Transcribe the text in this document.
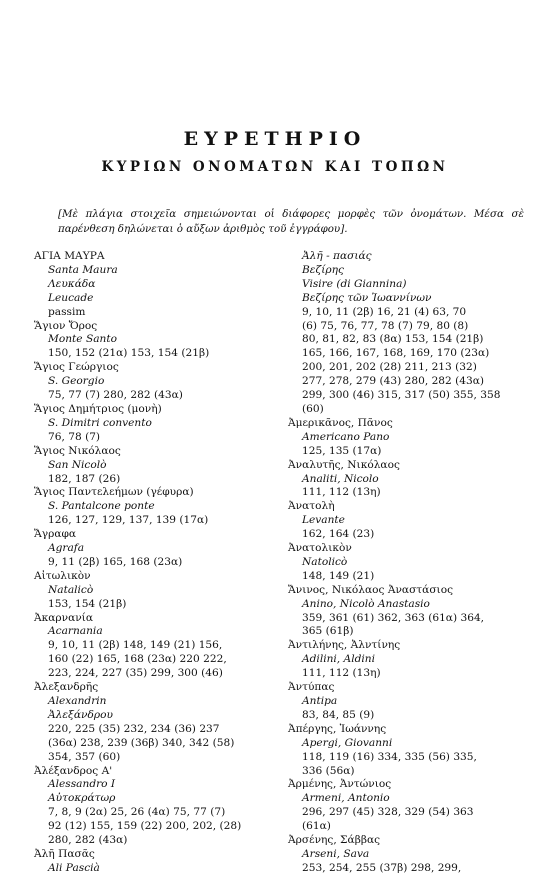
ΕΥΡΕΤΗΡΙΟ
ΚΥΡΙΩΝ ΟΝΟΜΑΤΩΝ ΚΑΙ ΤΟΠΩΝ
[Μὲ πλάγια στοιχεῖα σημειώνονται οἱ διάφορες μορφὲς τῶν ὀνομάτων. Μέσα σὲ παρένθεση δηλώνεται ὁ αὔξων ἀριθμὸς τοῦ ἐγγράφου].
ΑΓΙΑ ΜΑΥΡΑ
Santa Maura
Λευκάδα
Leucade
passim
Ἅγιον Ὄρος
Monte Santo
150, 152 (21α) 153, 154 (21β)
Ἅγιος Γεώργιος
S. Georgio
75, 77 (7) 280, 282 (43α)
Ἅγιος Δημήτριος (μονὴ)
S. Dimitri convento
76, 78 (7)
Ἅγιος Νικόλαος
San Nicolò
182, 187 (26)
Ἅγιος Παντελεήμων (γέφυρα)
S. Pantalcone ponte
126, 127, 129, 137, 139 (17α)
Ἄγραφα
Agrafa
9, 11 (2β) 165, 168 (23α)
Αἰτωλικὸν
Natalicò
153, 154 (21β)
Ἀκαρνανία
Acarnania
9, 10, 11 (2β) 148, 149 (21) 156,
160 (22) 165, 168 (23α) 220 222,
223, 224, 227 (35) 299, 300 (46)
Ἀλεξανδρῆς
Alexandrin
Ἀλεξάνδρου
220, 225 (35) 232, 234 (36) 237
(36α) 238, 239 (36β) 340, 342 (58)
354, 357 (60)
Ἀλέξανδρος Α'
Alessandro I
Αὐτοκράτωρ
7, 8, 9 (2α) 25, 26 (4α) 75, 77 (7)
92 (12) 155, 159 (22) 200, 202, (28)
280, 282 (43α)
Ἀλῆ Πασᾶς
Ali Pascià
Ἀλῆ - πασιάς
Βεζίρης
Visire (di Giannina)
Βεζίρης τῶν Ἰωαννίνων
9, 10, 11 (2β) 16, 21 (4) 63, 70
(6) 75, 76, 77, 78 (7) 79, 80 (8)
80, 81, 82, 83 (8α) 153, 154 (21β)
165, 166, 167, 168, 169, 170 (23α)
200, 201, 202 (28) 211, 213 (32)
277, 278, 279 (43) 280, 282 (43α)
299, 300 (46) 315, 317 (50) 355, 358
(60)
Ἀμερικᾶνος, Πᾶνος
Americano Pano
125, 135 (17α)
Ἀναλυτῆς, Νικόλαος
Analiti, Nicolo
111, 112 (13η)
Ἀνατολὴ
Levante
162, 164 (23)
Ἀνατολικὸν
Natolicò
148, 149 (21)
Ἄνινος, Νικόλαος Ἀναστάσιος
Anino, Nicolò Anastasio
359, 361 (61) 362, 363 (61α) 364,
365 (61β)
Ἀντιλήνης, Ἀλντίνης
Adilini, Aldini
111, 112 (13η)
Ἀντύπας
Antipa
83, 84, 85 (9)
Ἀπέργης, Ἰωάννης
Apergi, Giovanni
118, 119 (16) 334, 335 (56) 335,
336 (56α)
Ἀρμένης, Ἀντώνιος
Armeni, Antonio
296, 297 (45) 328, 329 (54) 363
(61α)
Ἀρσένης, Σάββας
Arseni, Sava
253, 254, 255 (37β) 298, 299,
